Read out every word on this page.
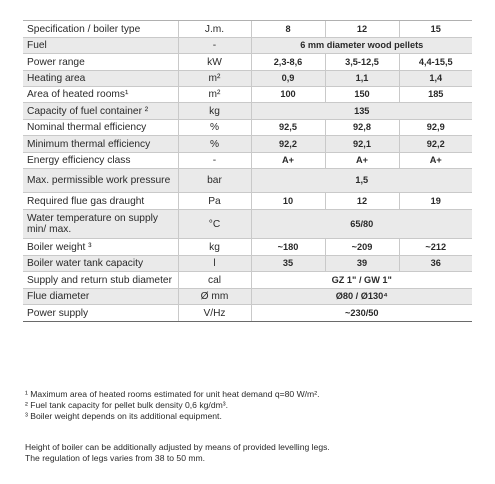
Specification / boiler type	J.m.	8	12	15
Fuel	-	6 mm diameter wood pellets		
Power range	kW	2,3-8,6	3,5-12,5	4,4-15,5
Heating area	m²	0,9	1,1	1,4
Area of heated rooms¹	m²	100	150	185
Capacity of fuel container ²	kg	135		
Nominal thermal efficiency	%	92,5	92,8	92,9
Minimum thermal efficiency	%	92,2	92,1	92,2
Energy efficiency class	-	A+	A+	A+
Max. permissible work pressure	bar	1,5		
Required flue gas draught	Pa	10	12	19
Water temperature on supply min/ max.	°C	65/80		
Boiler weight ³	kg	~180	~209	~212
Boiler water tank capacity	l	35	39	36
Supply and return stub diameter	cal	GZ 1" / GW 1"		
Flue diameter	Ø mm	Ø80 / Ø130⁴		
Power supply	V/Hz	~230/50		
¹ Maximum area of heated rooms estimated for unit heat demand q=80 W/m².
² Fuel tank capacity for pellet bulk density 0,6 kg/dm³.
³ Boiler weight depends on its additional equipment.
Height of boiler can be additionally adjusted by means of provided levelling legs.
The regulation of legs varies from 38 to 50 mm.
